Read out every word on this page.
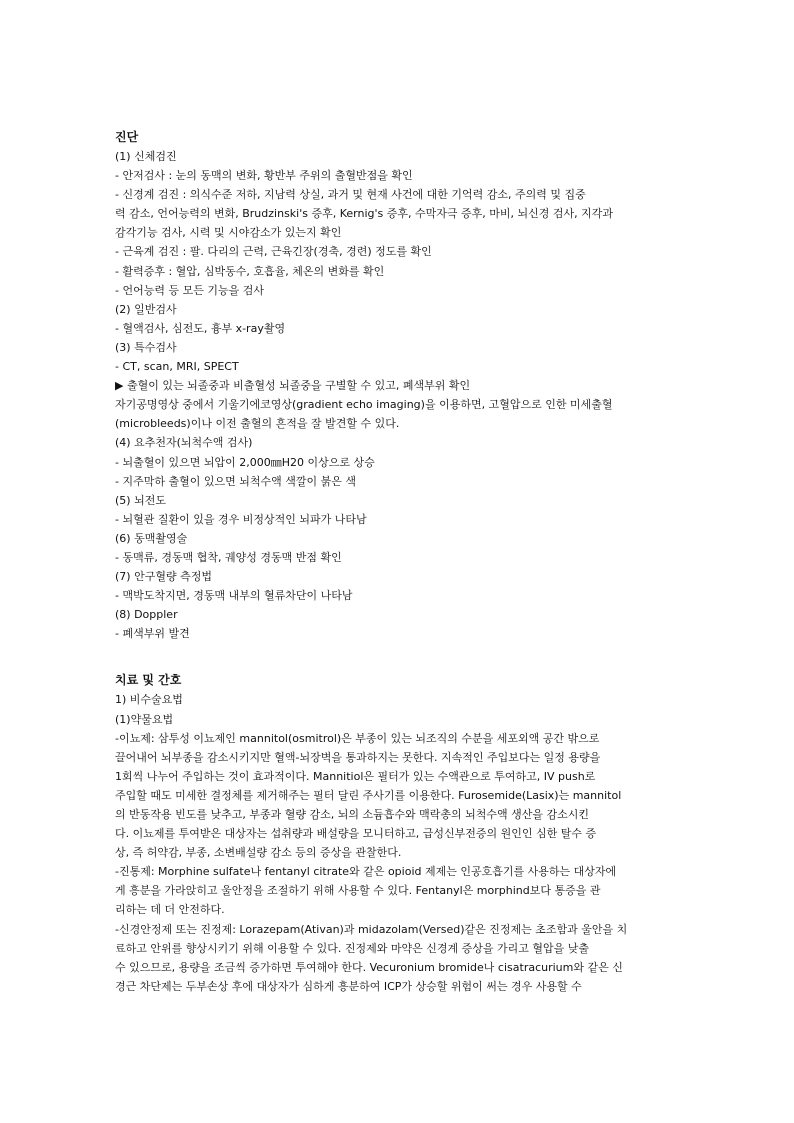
진단

(1) 신체검진

- 안저검사 : 눈의 동맥의 변화, 황반부 주위의 출혈반점을 확인

- 신경계 검진 : 의식수준 저하, 지남력 상실, 과거 및 현재 사건에 대한 기억력 감소, 주의력 및 집중

력 감소, 언어능력의 변화, Brudzinski's 증후, Kernig's 증후, 수막자극 증후, 마비, 뇌신경 검사, 지각과

감각기능 검사, 시력 및 시야감소가 있는지 확인

- 근육계 검진 : 팔. 다리의 근력, 근육긴장(경축, 경련) 정도를 확인

- 활력증후 : 혈압, 심박동수, 호흡율, 체온의 변화를 확인

- 언어능력 등 모든 기능을 검사

(2) 일반검사

- 혈액검사, 심전도, 흉부 x-ray촬영

(3) 특수검사

- CT, scan, MRI, SPECT

▶ 출혈이 있는 뇌졸중과 비출혈성 뇌졸중을 구별할 수 있고, 폐색부위 확인

자기공명영상 중에서 기울기에코영상(gradient echo imaging)을 이용하면, 고혈압으로 인한 미세출혈

(microbleeds)이나 이전 출혈의 흔적을 잘 발견할 수 있다.

(4) 요추천자(뇌척수액 검사)

- 뇌출혈이 있으면 뇌압이 2,000㎜H20 이상으로 상승

- 지주막하 출혈이 있으면 뇌척수액 색깔이 붉은 색

(5) 뇌전도

- 뇌혈관 질환이 있을 경우 비정상적인 뇌파가 나타남

(6) 동맥촬영술

- 동맥류, 경동맥 협착, 궤양성 경동맥 반점 확인

(7) 안구혈량 측정법

- 맥박도착지면, 경동맥 내부의 혈류차단이 나타남

(8) Doppler

- 폐색부위 발견

치료 및 간호

1) 비수술요법

(1)약물요법

-이뇨제: 삼투성 이뇨제인 mannitol(osmitrol)은 부종이 있는 뇌조직의 수분을 세포외액 공간 밖으로

끌어내어 뇌부종을 감소시키지만 혈액-뇌장벽을 통과하지는 못한다. 지속적인 주입보다는 일정 용량을

1회씩 나누어 주입하는 것이 효과적이다. Mannitiol은 필터가 있는 수액관으로 투여하고, IV push로

주입할 때도 미세한 결정체를 제거해주는 필터 달린 주사기를 이용한다. Furosemide(Lasix)는 mannitol

의 반동작용 빈도를 낮추고, 부종과 혈량 감소, 뇌의 소듐흡수와 맥락총의 뇌척수액 생산을 감소시킨

다. 이뇨제를 투여받은 대상자는 섭취량과 배설량을 모니터하고, 급성신부전증의 원인인 심한 탈수 증

상, 즉 허약감, 부종, 소변배설량 감소 등의 증상을 관찰한다.

-진통제: Morphine sulfate나 fentanyl citrate와 같은 opioid 제제는 인공호흡기를 사용하는 대상자에

게 흥분을 가라앉히고 울안정을 조절하기 위해 사용할 수 있다. Fentanyl은 morphind보다 통증을 관

리하는 데 더 안전하다.

-신경안정제 또는 진정제: Lorazepam(Ativan)과 midazolam(Versed)같은 진정제는 초조함과 울안을 치

료하고 안위를 향상시키기 위해 이용할 수 있다. 진정제와 마약은 신경계 증상을 가리고 혈압을 낮출

수 있으므로, 용량을 조금씩 증가하면 투여해야 한다. Vecuronium bromide나 cisatracurium와 같은 신

경근 차단제는 두부손상 후에 대상자가 심하게 흥분하여 ICP가 상승할 위험이 써는 경우 사용할 수
